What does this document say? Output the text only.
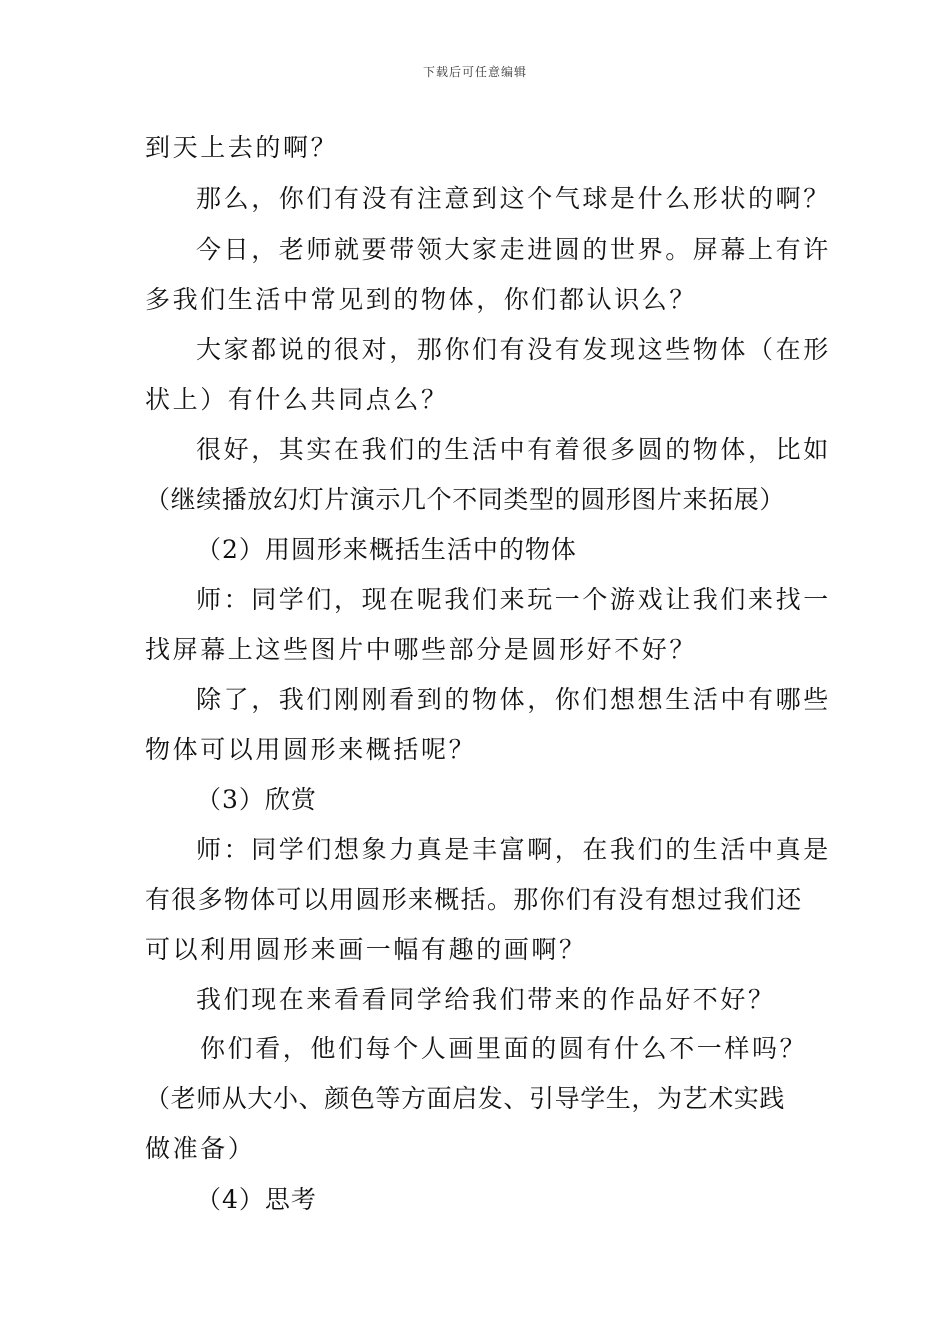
下载后可任意编辑
到天上去的啊？
那么，你们有没有注意到这个气球是什么形状的啊？
今日，老师就要带领大家走进圆的世界。屏幕上有许
多我们生活中常见到的物体，你们都认识么？
大家都说的很对，那你们有没有发现这些物体（在形
状上）有什么共同点么？
很好，其实在我们的生活中有着很多圆的物体，比如
（继续播放幻灯片演示几个不同类型的圆形图片来拓展）
（2）用圆形来概括生活中的物体
师：同学们，现在呢我们来玩一个游戏让我们来找一
找屏幕上这些图片中哪些部分是圆形好不好？
除了，我们刚刚看到的物体，你们想想生活中有哪些
物体可以用圆形来概括呢？
（3）欣赏
师：同学们想象力真是丰富啊，在我们的生活中真是
有很多物体可以用圆形来概括。那你们有没有想过我们还
可以利用圆形来画一幅有趣的画啊？
我们现在来看看同学给我们带来的作品好不好？
你们看，他们每个人画里面的圆有什么不一样吗？
（老师从大小、颜色等方面启发、引导学生，为艺术实践
做准备）
（4）思考
